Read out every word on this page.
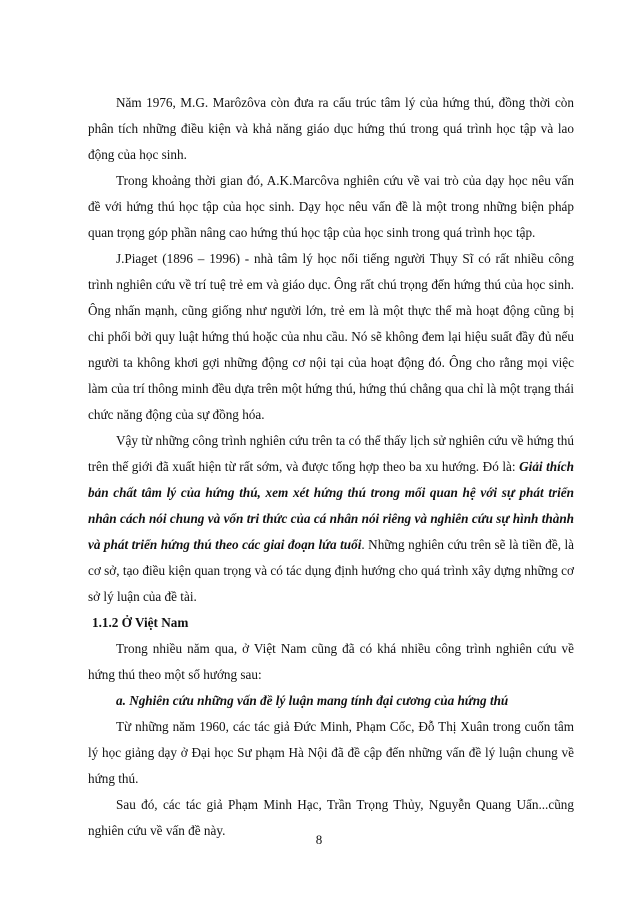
Năm 1976, M.G. Marôzôva còn đưa ra cấu trúc tâm lý của hứng thú, đồng thời còn phân tích những điều kiện và khả năng giáo dục hứng thú trong quá trình học tập và lao động của học sinh.

Trong khoảng thời gian đó, A.K.Marcôva nghiên cứu về vai trò của dạy học nêu vấn đề với hứng thú học tập của học sinh. Dạy học nêu vấn đề là một trong những biện pháp quan trọng góp phần nâng cao hứng thú học tập của học sinh trong quá trình học tập.

J.Piaget (1896 – 1996) - nhà tâm lý học nổi tiếng người Thụy Sĩ có rất nhiều công trình nghiên cứu về trí tuệ trẻ em và giáo dục. Ông rất chú trọng đến hứng thú của học sinh. Ông nhấn mạnh, cũng giống như người lớn, trẻ em là một thực thể mà hoạt động cũng bị chi phối bởi quy luật hứng thú hoặc của nhu cầu. Nó sẽ không đem lại hiệu suất đầy đủ nếu người ta không khơi gợi những động cơ nội tại của hoạt động đó. Ông cho rằng mọi việc làm của trí thông minh đều dựa trên một hứng thú, hứng thú chẳng qua chỉ là một trạng thái chức năng động của sự đồng hóa.

Vậy từ những công trình nghiên cứu trên ta có thể thấy lịch sử nghiên cứu về hứng thú trên thế giới đã xuất hiện từ rất sớm, và được tổng hợp theo ba xu hướng. Đó là: Giải thích bản chất tâm lý của hứng thú, xem xét hứng thú trong mối quan hệ với sự phát triển nhân cách nói chung và vốn tri thức của cá nhân nói riêng và nghiên cứu sự hình thành và phát triển hứng thú theo các giai đoạn lứa tuổi. Những nghiên cứu trên sẽ là tiền đề, là cơ sở, tạo điều kiện quan trọng và có tác dụng định hướng cho quá trình xây dựng những cơ sở lý luận của đề tài.

1.1.2 Ở Việt Nam

Trong nhiều năm qua, ở Việt Nam cũng đã có khá nhiều công trình nghiên cứu về hứng thú theo một số hướng sau:

a. Nghiên cứu những vấn đề lý luận mang tính đại cương của hứng thú

Từ những năm 1960, các tác giả Đức Minh, Phạm Cốc, Đỗ Thị Xuân trong cuốn tâm lý học giảng dạy ở Đại học Sư phạm Hà Nội đã đề cập đến những vấn đề lý luận chung về hứng thú.

Sau đó, các tác giả Phạm Minh Hạc, Trần Trọng Thủy, Nguyễn Quang Uẩn...cũng nghiên cứu về vấn đề này.

8
